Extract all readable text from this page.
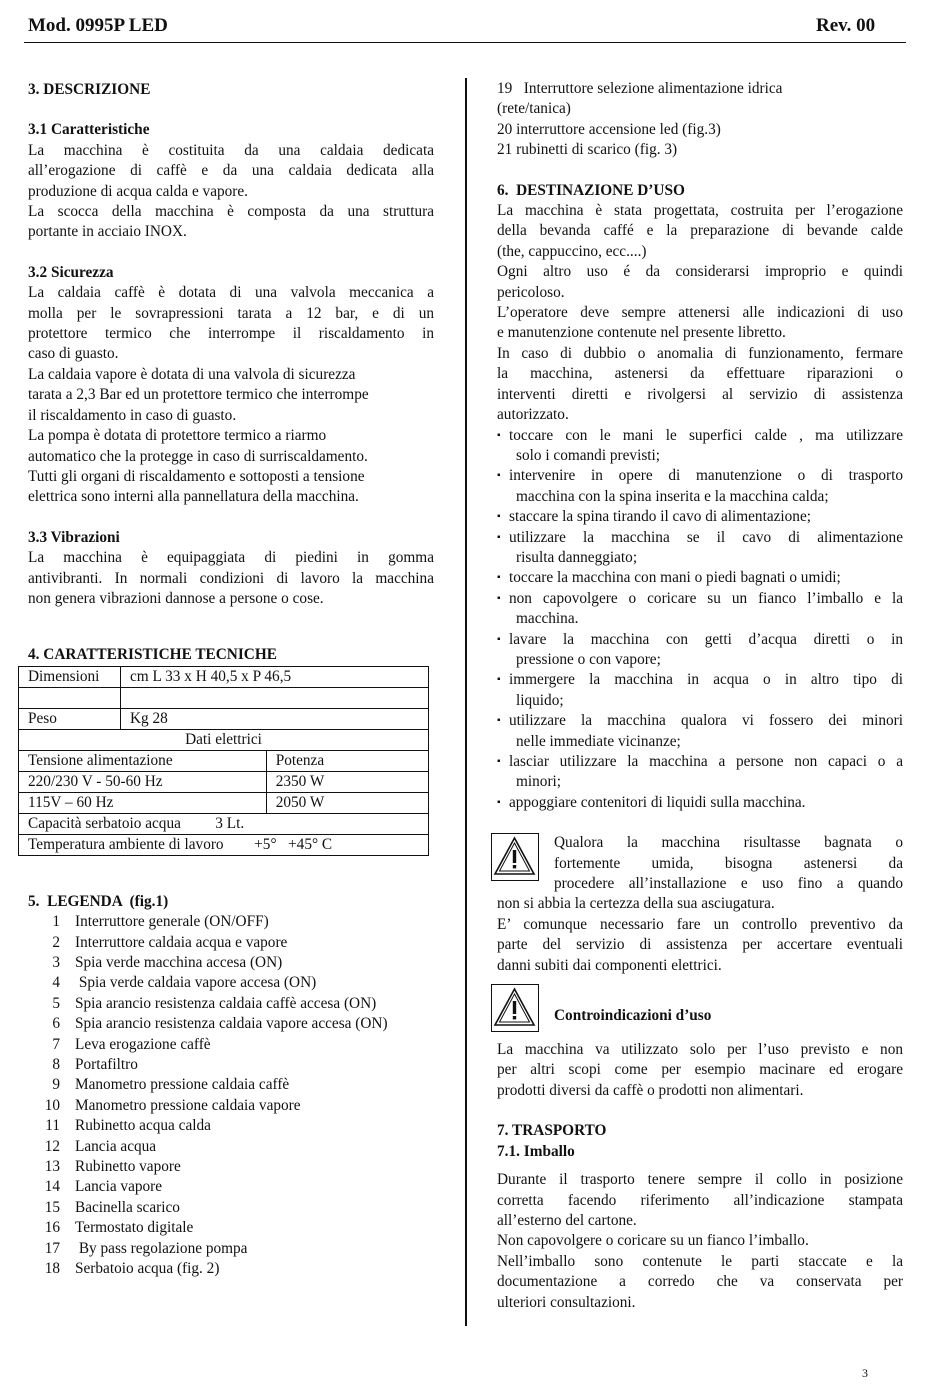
Mod. 0995P LED	Rev. 00
3. DESCRIZIONE
3.1 Caratteristiche
La macchina è costituita da una caldaia dedicata
all’erogazione di caffè e da una caldaia dedicata alla
produzione di acqua calda e vapore.
La scocca della macchina è composta da una struttura
portante in acciaio INOX.
3.2 Sicurezza
La caldaia caffè è dotata di una valvola meccanica a
molla per le sovrapressioni tarata a 12 bar, e di un
protettore termico che interrompe il riscaldamento in
caso di guasto.
La caldaia vapore è dotata di una valvola di sicurezza
tarata a 2,3 Bar ed un protettore termico che interrompe
il riscaldamento in caso di guasto.
La pompa è dotata di protettore termico a riarmo
automatico che la protegge in caso di surriscaldamento.
Tutti gli organi di riscaldamento e sottoposti a tensione
elettrica sono interni alla pannellatura della macchina.
3.3 Vibrazioni
La macchina è equipaggiata di piedini in gomma
antivibranti. In normali condizioni di lavoro la macchina
non genera vibrazioni dannose a persone o cose.
4. CARATTERISTICHE TECNICHE
Dimensioni	cm L 33 x H 40,5 x P 46,5	

Peso	Kg 28	
Dati elettrici		
Tensione alimentazione		Potenza
220/230 V - 50-60 Hz		2350 W
115V – 60 Hz		2050 W
Capacità serbatoio acqua         3 Lt.		
Temperatura ambiente di lavoro        +5°   +45° C		
5.  LEGENDA  (fig.1)
1 Interruttore generale (ON/OFF)
2 Interruttore caldaia acqua e vapore
3 Spia verde macchina accesa (ON)
4 Spia verde caldaia vapore accesa (ON)
5 Spia arancio resistenza caldaia caffè accesa (ON)
6 Spia arancio resistenza caldaia vapore accesa (ON)
7 Leva erogazione caffè
8 Portafiltro
9 Manometro pressione caldaia caffè
10 Manometro pressione caldaia vapore
11 Rubinetto acqua calda
12 Lancia acqua
13 Rubinetto vapore
14 Lancia vapore
15 Bacinella scarico
16 Termostato digitale
17 By pass regolazione pompa
18 Serbatoio acqua (fig. 2)
19   Interruttore selezione alimentazione idrica
(rete/tanica)
20 interruttore accensione led (fig.3)
21 rubinetti di scarico (fig. 3)
6.  DESTINAZIONE D’USO
La macchina è stata progettata, costruita per l’erogazione
della bevanda caffé e la preparazione di bevande calde
(the, cappuccino, ecc....)
Ogni altro uso é da considerarsi improprio e quindi
pericoloso.
L’operatore deve sempre attenersi alle indicazioni di uso
e manutenzione contenute nel presente libretto.
In caso di dubbio o anomalia di funzionamento, fermare
la macchina, astenersi da effettuare riparazioni o
interventi diretti e rivolgersi al servizio di assistenza
autorizzato.
▪ toccare con le mani le superfici calde , ma utilizzare
solo i comandi previsti;
▪ intervenire in opere di manutenzione o di trasporto
macchina con la spina inserita e la macchina calda;
▪ staccare la spina tirando il cavo di alimentazione;
▪ utilizzare la macchina se il cavo di alimentazione
risulta danneggiato;
▪ toccare la macchina con mani o piedi bagnati o umidi;
▪ non capovolgere o coricare su un fianco l’imballo e la
macchina.
▪ lavare la macchina con getti d’acqua diretti o in
pressione o con vapore;
▪ immergere la macchina in acqua o in altro tipo di
liquido;
▪ utilizzare la macchina qualora vi fossero dei minori
nelle immediate vicinanze;
▪ lasciar utilizzare la macchina a persone non capaci o a
minori;
▪ appoggiare contenitori di liquidi sulla macchina.
Qualora la macchina risultasse bagnata o
fortemente umida, bisogna astenersi da
procedere all’installazione e uso fino a quando
non si abbia la certezza della sua asciugatura.
E’ comunque necessario fare un controllo preventivo da
parte del servizio di assistenza per accertare eventuali
danni subiti dai componenti elettrici.
Controindicazioni d’uso
La macchina va utilizzato solo per l’uso previsto e non
per altri scopi come per esempio macinare ed erogare
prodotti diversi da caffè o prodotti non alimentari.
7. TRASPORTO
7.1. Imballo
Durante il trasporto tenere sempre il collo in posizione
corretta facendo riferimento all’indicazione stampata
all’esterno del cartone.
Non capovolgere o coricare su un fianco l’imballo.
Nell’imballo sono contenute le parti staccate e la
documentazione a corredo che va conservata per
ulteriori consultazioni.
3
